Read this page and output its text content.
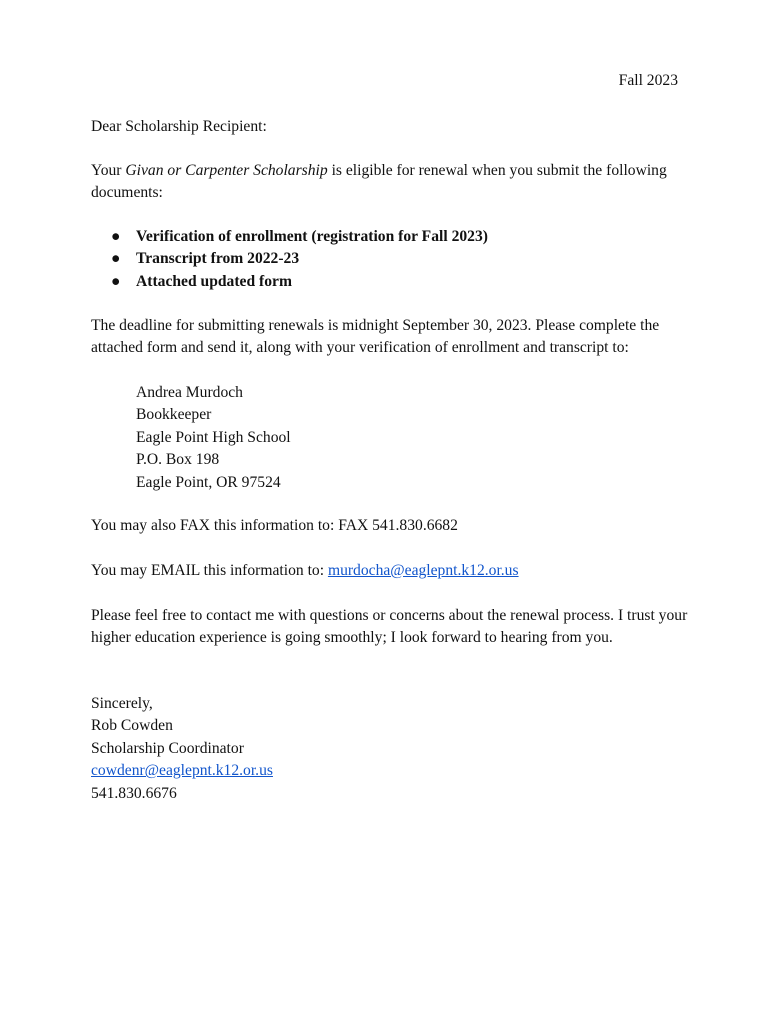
Fall 2023

Dear Scholarship Recipient:

Your Givan or Carpenter Scholarship is eligible for renewal when you submit the following documents:

● Verification of enrollment (registration for Fall 2023)
● Transcript from 2022-23
● Attached updated form

The deadline for submitting renewals is midnight September 30, 2023. Please complete the attached form and send it, along with your verification of enrollment and transcript to:

Andrea Murdoch
Bookkeeper
Eagle Point High School
P.O. Box 198
Eagle Point, OR 97524

You may also FAX this information to: FAX 541.830.6682

You may EMAIL this information to: murdocha@eaglepnt.k12.or.us

Please feel free to contact me with questions or concerns about the renewal process. I trust your higher education experience is going smoothly; I look forward to hearing from you.

Sincerely,
Rob Cowden
Scholarship Coordinator
cowdenr@eaglepnt.k12.or.us
541.830.6676
